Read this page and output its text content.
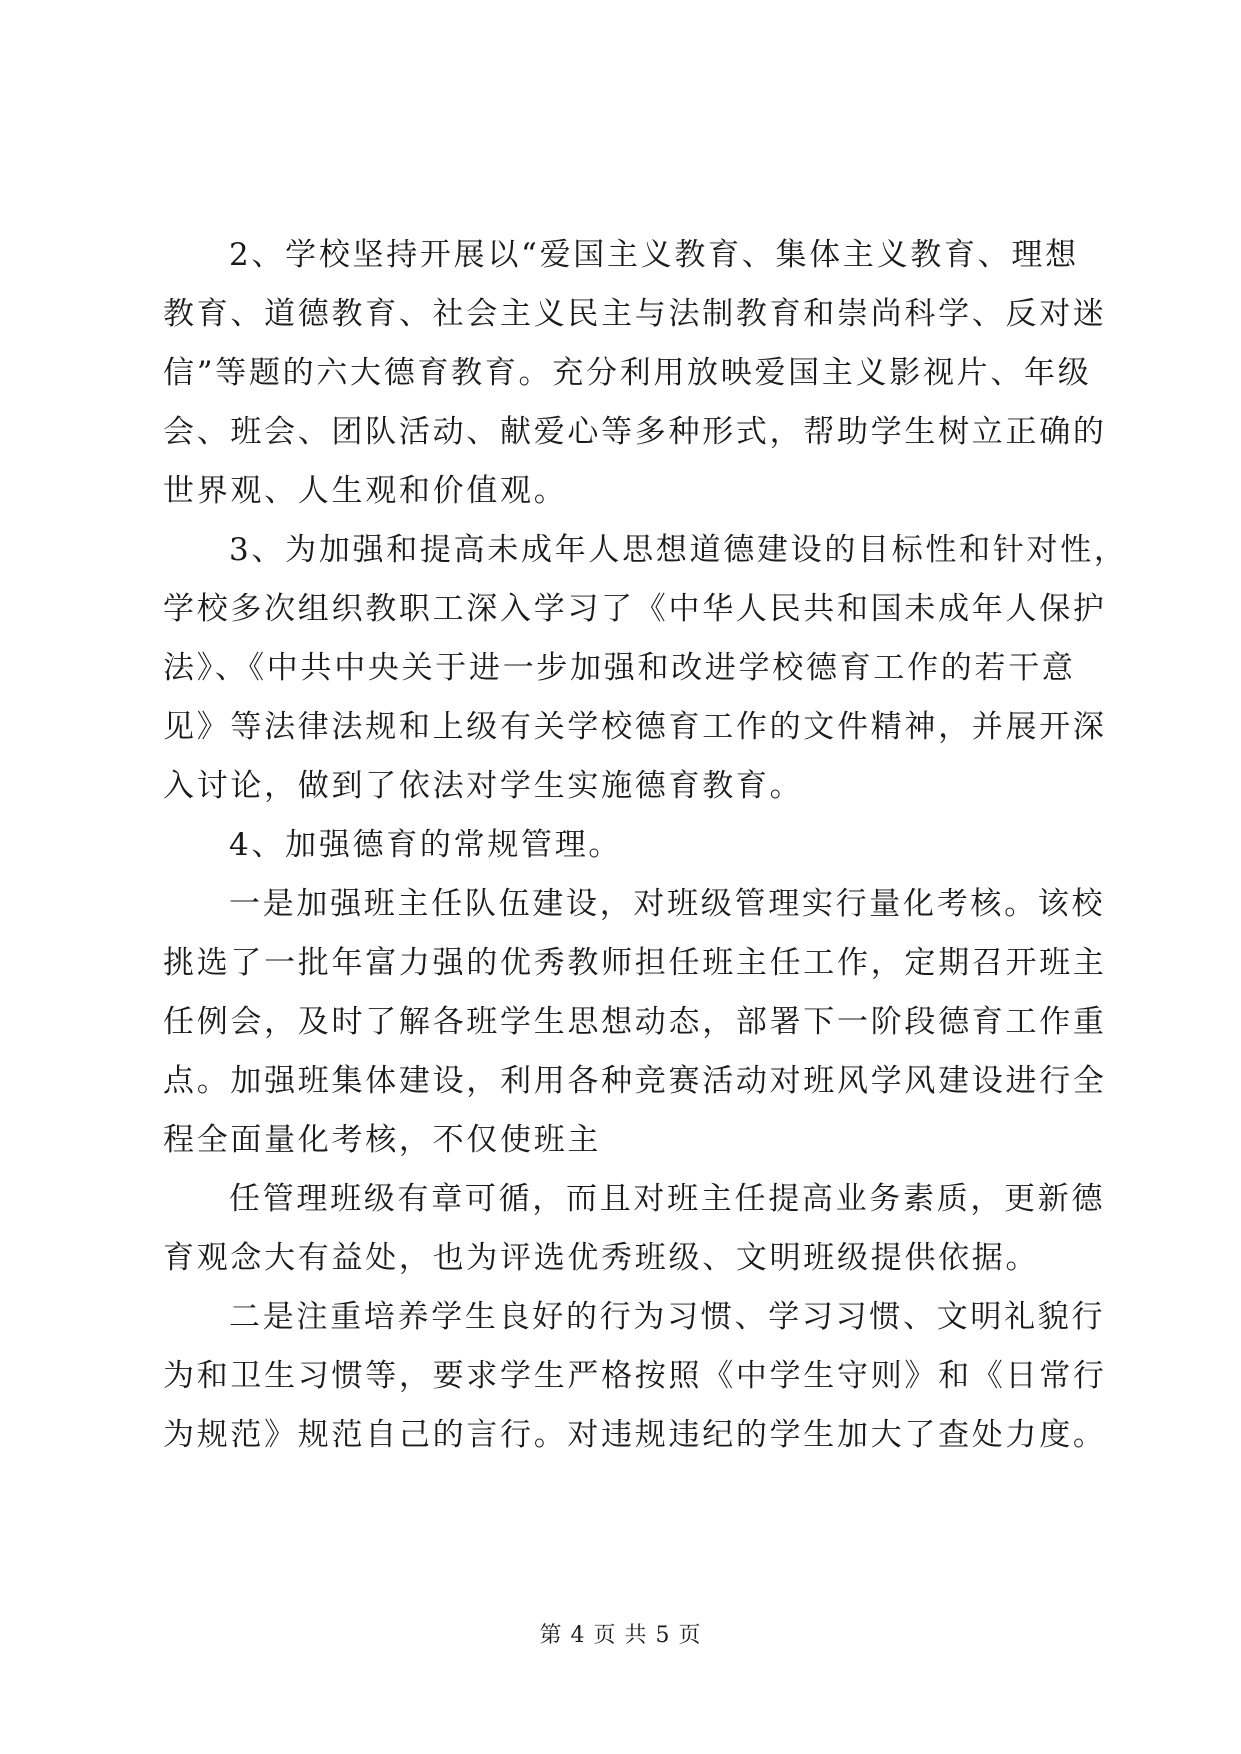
2、学校坚持开展以“爱国主义教育、集体主义教育、理想
教育、道德教育、社会主义民主与法制教育和崇尚科学、反对迷
信”等题的六大德育教育。充分利用放映爱国主义影视片、年级
会、班会、团队活动、献爱心等多种形式，帮助学生树立正确的
世界观、人生观和价值观。

3、为加强和提高未成年人思想道德建设的目标性和针对性，
学校多次组织教职工深入学习了《中华人民共和国未成年人保护
法》、《中共中央关于进一步加强和改进学校德育工作的若干意
见》等法律法规和上级有关学校德育工作的文件精神，并展开深
入讨论，做到了依法对学生实施德育教育。

4、加强德育的常规管理。

一是加强班主任队伍建设，对班级管理实行量化考核。该校
挑选了一批年富力强的优秀教师担任班主任工作，定期召开班主
任例会，及时了解各班学生思想动态，部署下一阶段德育工作重
点。加强班集体建设，利用各种竞赛活动对班风学风建设进行全
程全面量化考核，不仅使班主

任管理班级有章可循，而且对班主任提高业务素质，更新德
育观念大有益处，也为评选优秀班级、文明班级提供依据。

二是注重培养学生良好的行为习惯、学习习惯、文明礼貌行
为和卫生习惯等，要求学生严格按照《中学生守则》和《日常行
为规范》规范自己的言行。对违规违纪的学生加大了查处力度。

第 4 页 共 5 页
